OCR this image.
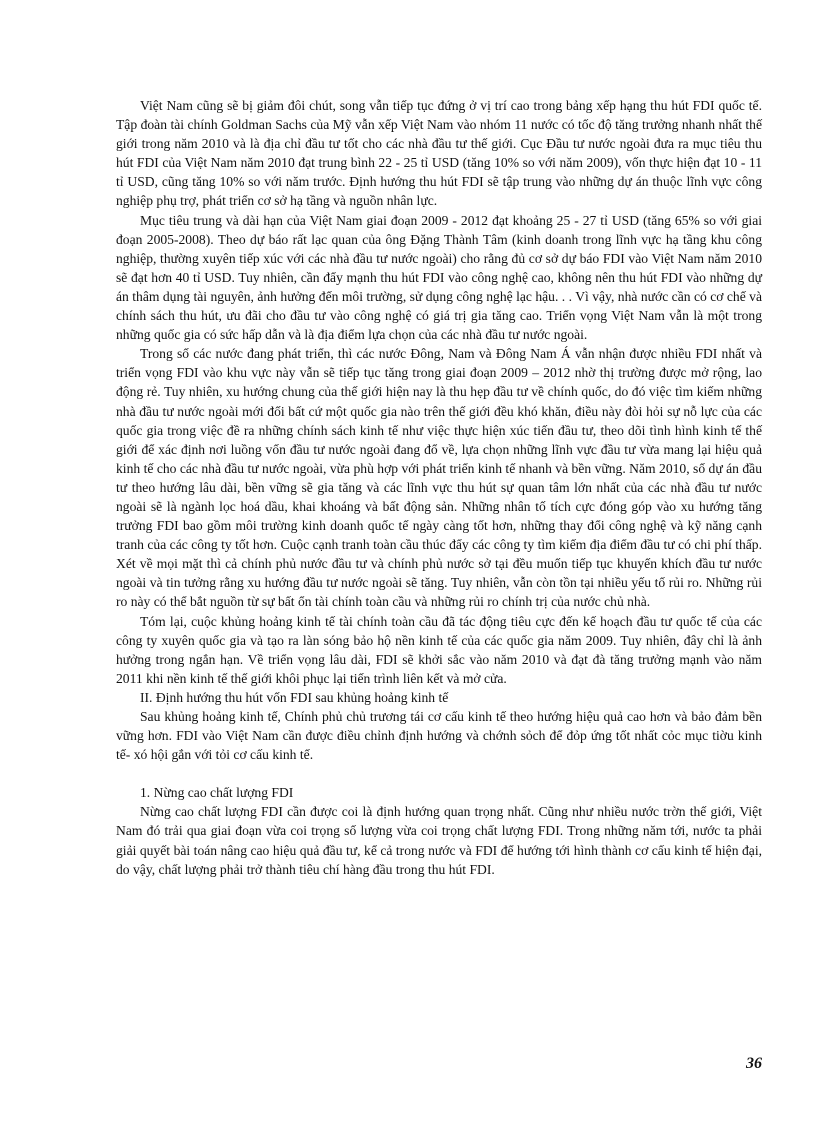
Việt Nam cũng sẽ bị giảm đôi chút, song vẫn tiếp tục đứng ở vị trí cao trong bảng xếp hạng thu hút FDI quốc tế. Tập đoàn tài chính Goldman Sachs của Mỹ vẫn xếp Việt Nam vào nhóm 11 nước có tốc độ tăng trưởng nhanh nhất thế giới trong năm 2010 và là địa chỉ đầu tư tốt cho các nhà đầu tư thế giới. Cục Đầu tư nước ngoài đưa ra mục tiêu thu hút FDI của Việt Nam năm 2010 đạt trung bình 22 - 25 tỉ USD (tăng 10% so với năm 2009), vốn thực hiện đạt 10 - 11 tỉ USD, cũng tăng 10% so với năm trước. Định hướng thu hút FDI sẽ tập trung vào những dự án thuộc lĩnh vực công nghiệp phụ trợ, phát triển cơ sở hạ tầng và nguồn nhân lực.

Mục tiêu trung và dài hạn của Việt Nam giai đoạn 2009 - 2012 đạt khoảng 25 - 27 tỉ USD (tăng 65% so với giai đoạn 2005-2008). Theo dự báo rất lạc quan của ông Đặng Thành Tâm (kinh doanh trong lĩnh vực hạ tầng khu công nghiệp, thường xuyên tiếp xúc với các nhà đầu tư nước ngoài) cho rằng đủ cơ sở dự báo FDI vào Việt Nam năm 2010 sẽ đạt hơn 40 tỉ USD. Tuy nhiên, cần đẩy mạnh thu hút FDI vào công nghệ cao, không nên thu hút FDI vào những dự án thâm dụng tài nguyên, ảnh hưởng đến môi trường, sử dụng công nghệ lạc hậu. . . Vì vậy, nhà nước cần có cơ chế và chính sách thu hút, ưu đãi cho đầu tư vào công nghệ có giá trị gia tăng cao. Triển vọng Việt Nam vẫn là một trong những quốc gia có sức hấp dẫn và là địa điểm lựa chọn của các nhà đầu tư nước ngoài.

Trong số các nước đang phát triển, thì các nước Đông, Nam và Đông Nam Á vẫn nhận được nhiều FDI nhất và triển vọng FDI vào khu vực này vẫn sẽ tiếp tục tăng trong giai đoạn 2009 – 2012 nhờ thị trường được mở rộng, lao động rẻ. Tuy nhiên, xu hướng chung của thế giới hiện nay là thu hẹp đầu tư về chính quốc, do đó việc tìm kiếm những nhà đầu tư nước ngoài mới đối bất cứ một quốc gia nào trên thế giới đều khó khăn, điều này đòi hỏi sự nỗ lực của các quốc gia trong việc đề ra những chính sách kinh tế như việc thực hiện xúc tiến đầu tư, theo dõi tình hình kinh tế thế giới để xác định nơi luồng vốn đầu tư nước ngoài đang đổ về, lựa chọn những lĩnh vực đầu tư vừa mang lại hiệu quả kinh tế cho các nhà đầu tư nước ngoài, vừa phù hợp với phát triển kinh tế nhanh và bền vững. Năm 2010, số dự án đầu tư theo hướng lâu dài, bền vững sẽ gia tăng và các lĩnh vực thu hút sự quan tâm lớn nhất của các nhà đầu tư nước ngoài sẽ là ngành lọc hoá dầu, khai khoáng và bất động sản. Những nhân tố tích cực đóng góp vào xu hướng tăng trưởng FDI bao gồm môi trường kinh doanh quốc tế ngày càng tốt hơn, những thay đổi công nghệ và kỹ năng cạnh tranh của các công ty tốt hơn. Cuộc cạnh tranh toàn cầu thúc đẩy các công ty tìm kiếm địa điểm đầu tư có chi phí thấp. Xét về mọi mặt thì cả chính phủ nước đầu tư và chính phủ nước sở tại đều muốn tiếp tục khuyến khích đầu tư nước ngoài và tin tưởng rằng xu hướng đầu tư nước ngoài sẽ tăng. Tuy nhiên, vẫn còn tồn tại nhiều yếu tố rủi ro. Những rủi ro này có thể bắt nguồn từ sự bất ổn tài chính toàn cầu và những rủi ro chính trị của nước chủ nhà.

Tóm lại, cuộc khủng hoảng kinh tế tài chính toàn cầu đã tác động tiêu cực đến kế hoạch đầu tư quốc tế của các công ty xuyên quốc gia và tạo ra làn sóng bảo hộ nền kinh tế của các quốc gia năm 2009. Tuy nhiên, đây chỉ là ảnh hưởng trong ngắn hạn. Về triển vọng lâu dài, FDI sẽ khởi sắc vào năm 2010 và đạt đà tăng trưởng mạnh vào năm 2011 khi nền kinh tế thế giới khôi phục lại tiến trình liên kết và mở cửa.

II. Định hướng thu hút vốn FDI sau khủng hoảng kinh tế

Sau khủng hoảng kinh tế, Chính phủ chủ trương tái cơ cấu kinh tế theo hướng hiệu quả cao hơn và bảo đảm bền vững hơn. FDI vào Việt Nam cần được điều chỉnh định hướng và chớnh sỏch để đỏp ứng tốt nhất cỏc mục tiờu kinh tế- xó hội gắn với tỏi cơ cấu kinh tế.

1. Nừng cao chất lượng FDI

Nừng cao chất lượng FDI cần được coi là định hướng quan trọng nhất. Cũng như nhiều nước trờn thế giới, Việt Nam đó trải qua giai đoạn vừa coi trọng số lượng vừa coi trọng chất lượng FDI. Trong những năm tới, nước ta phải giải quyết bài toán nâng cao hiệu quả đầu tư, kể cả trong nước và FDI để hướng tới hình thành cơ cấu kinh tế hiện đại, do vậy, chất lượng phải trở thành tiêu chí hàng đầu trong thu hút FDI.

36
